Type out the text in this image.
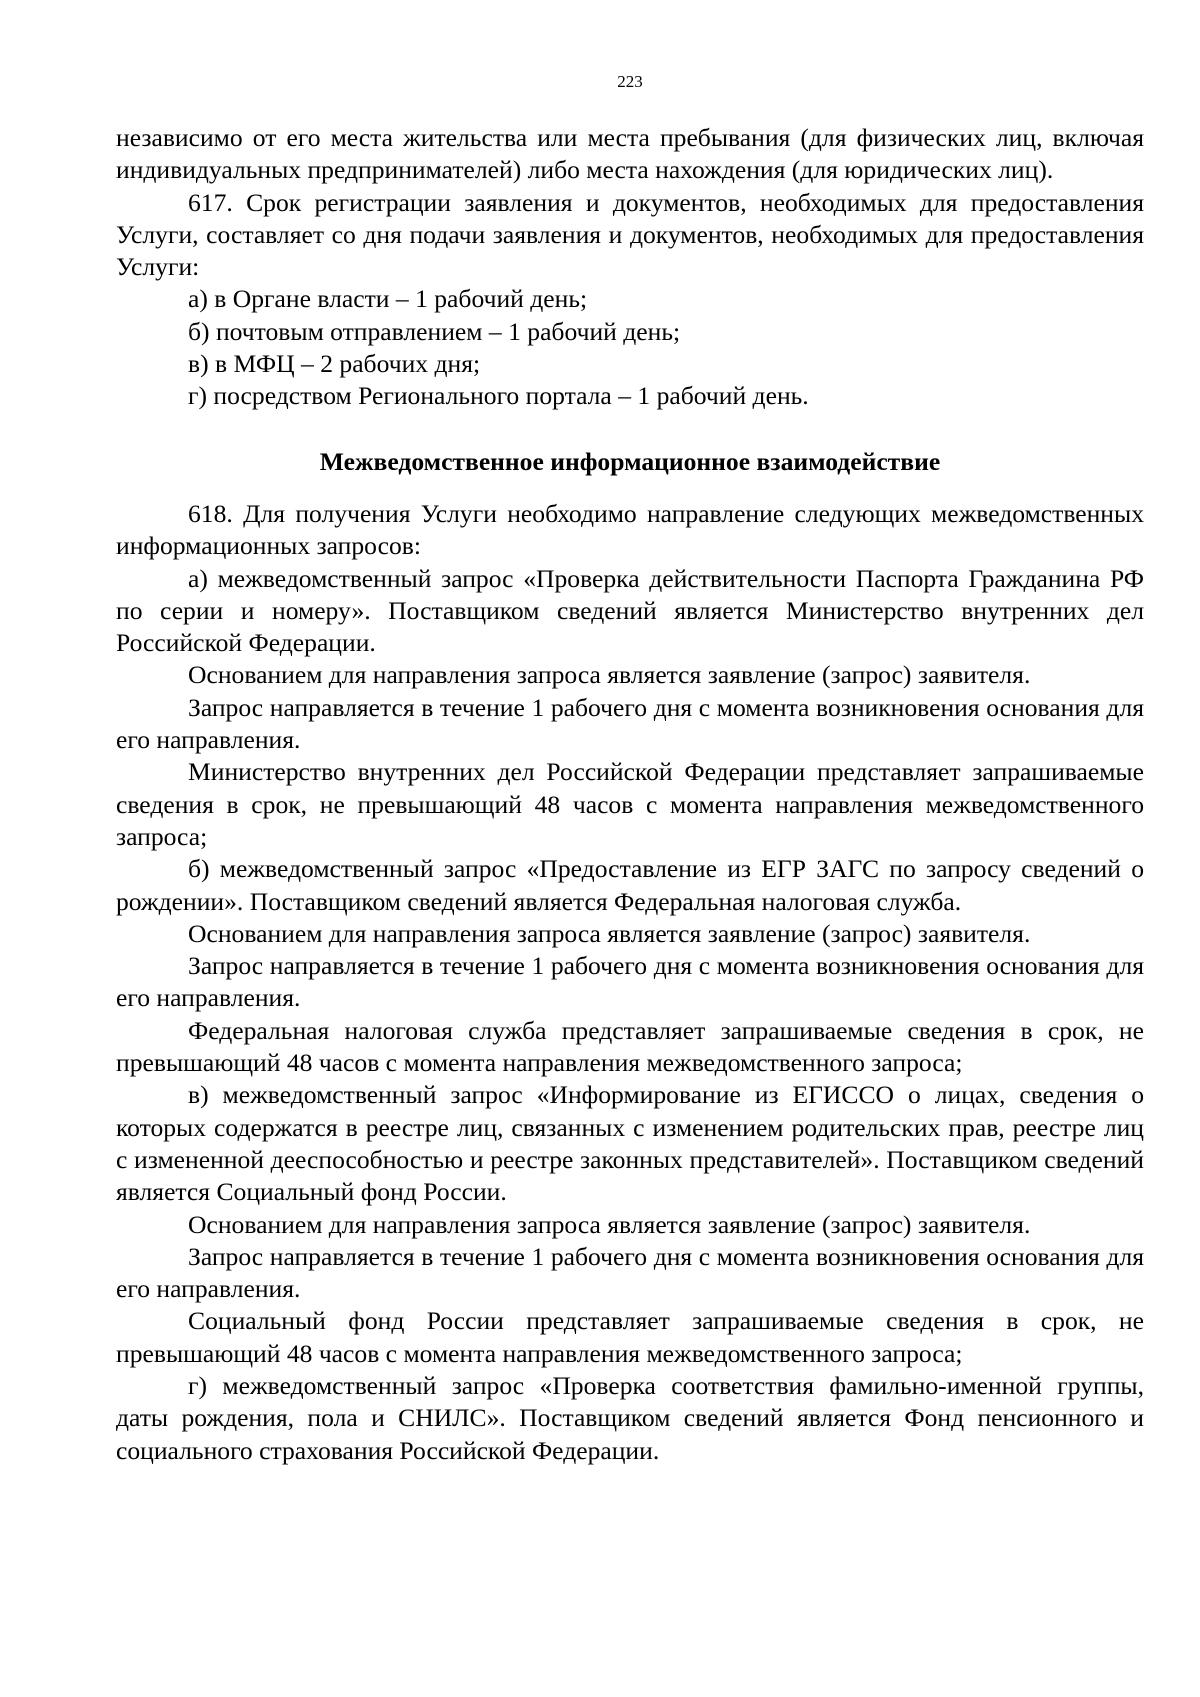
223

независимо от его места жительства или места пребывания (для физических лиц, включая индивидуальных предпринимателей) либо места нахождения (для юридических лиц).

617. Срок регистрации заявления и документов, необходимых для предоставления Услуги, составляет со дня подачи заявления и документов, необходимых для предоставления Услуги:

а) в Органе власти – 1 рабочий день;

б) почтовым отправлением – 1 рабочий день;

в) в МФЦ – 2 рабочих дня;

г) посредством Регионального портала – 1 рабочий день.

Межведомственное информационное взаимодействие

618. Для получения Услуги необходимо направление следующих межведомственных информационных запросов:

а) межведомственный запрос «Проверка действительности Паспорта Гражданина РФ по серии и номеру». Поставщиком сведений является Министерство внутренних дел Российской Федерации.

Основанием для направления запроса является заявление (запрос) заявителя.

Запрос направляется в течение 1 рабочего дня с момента возникновения основания для его направления.

Министерство внутренних дел Российской Федерации представляет запрашиваемые сведения в срок, не превышающий 48 часов с момента направления межведомственного запроса;

б) межведомственный запрос «Предоставление из ЕГР ЗАГС по запросу сведений о рождении». Поставщиком сведений является Федеральная налоговая служба.

Основанием для направления запроса является заявление (запрос) заявителя.

Запрос направляется в течение 1 рабочего дня с момента возникновения основания для его направления.

Федеральная налоговая служба представляет запрашиваемые сведения в срок, не превышающий 48 часов с момента направления межведомственного запроса;

в) межведомственный запрос «Информирование из ЕГИССО о лицах, сведения о которых содержатся в реестре лиц, связанных с изменением родительских прав, реестре лиц с измененной дееспособностью и реестре законных представителей». Поставщиком сведений является Социальный фонд России.

Основанием для направления запроса является заявление (запрос) заявителя.

Запрос направляется в течение 1 рабочего дня с момента возникновения основания для его направления.

Социальный фонд России представляет запрашиваемые сведения в срок, не превышающий 48 часов с момента направления межведомственного запроса;

г) межведомственный запрос «Проверка соответствия фамильно-именной группы, даты рождения, пола и СНИЛС». Поставщиком сведений является Фонд пенсионного и социального страхования Российской Федерации.
